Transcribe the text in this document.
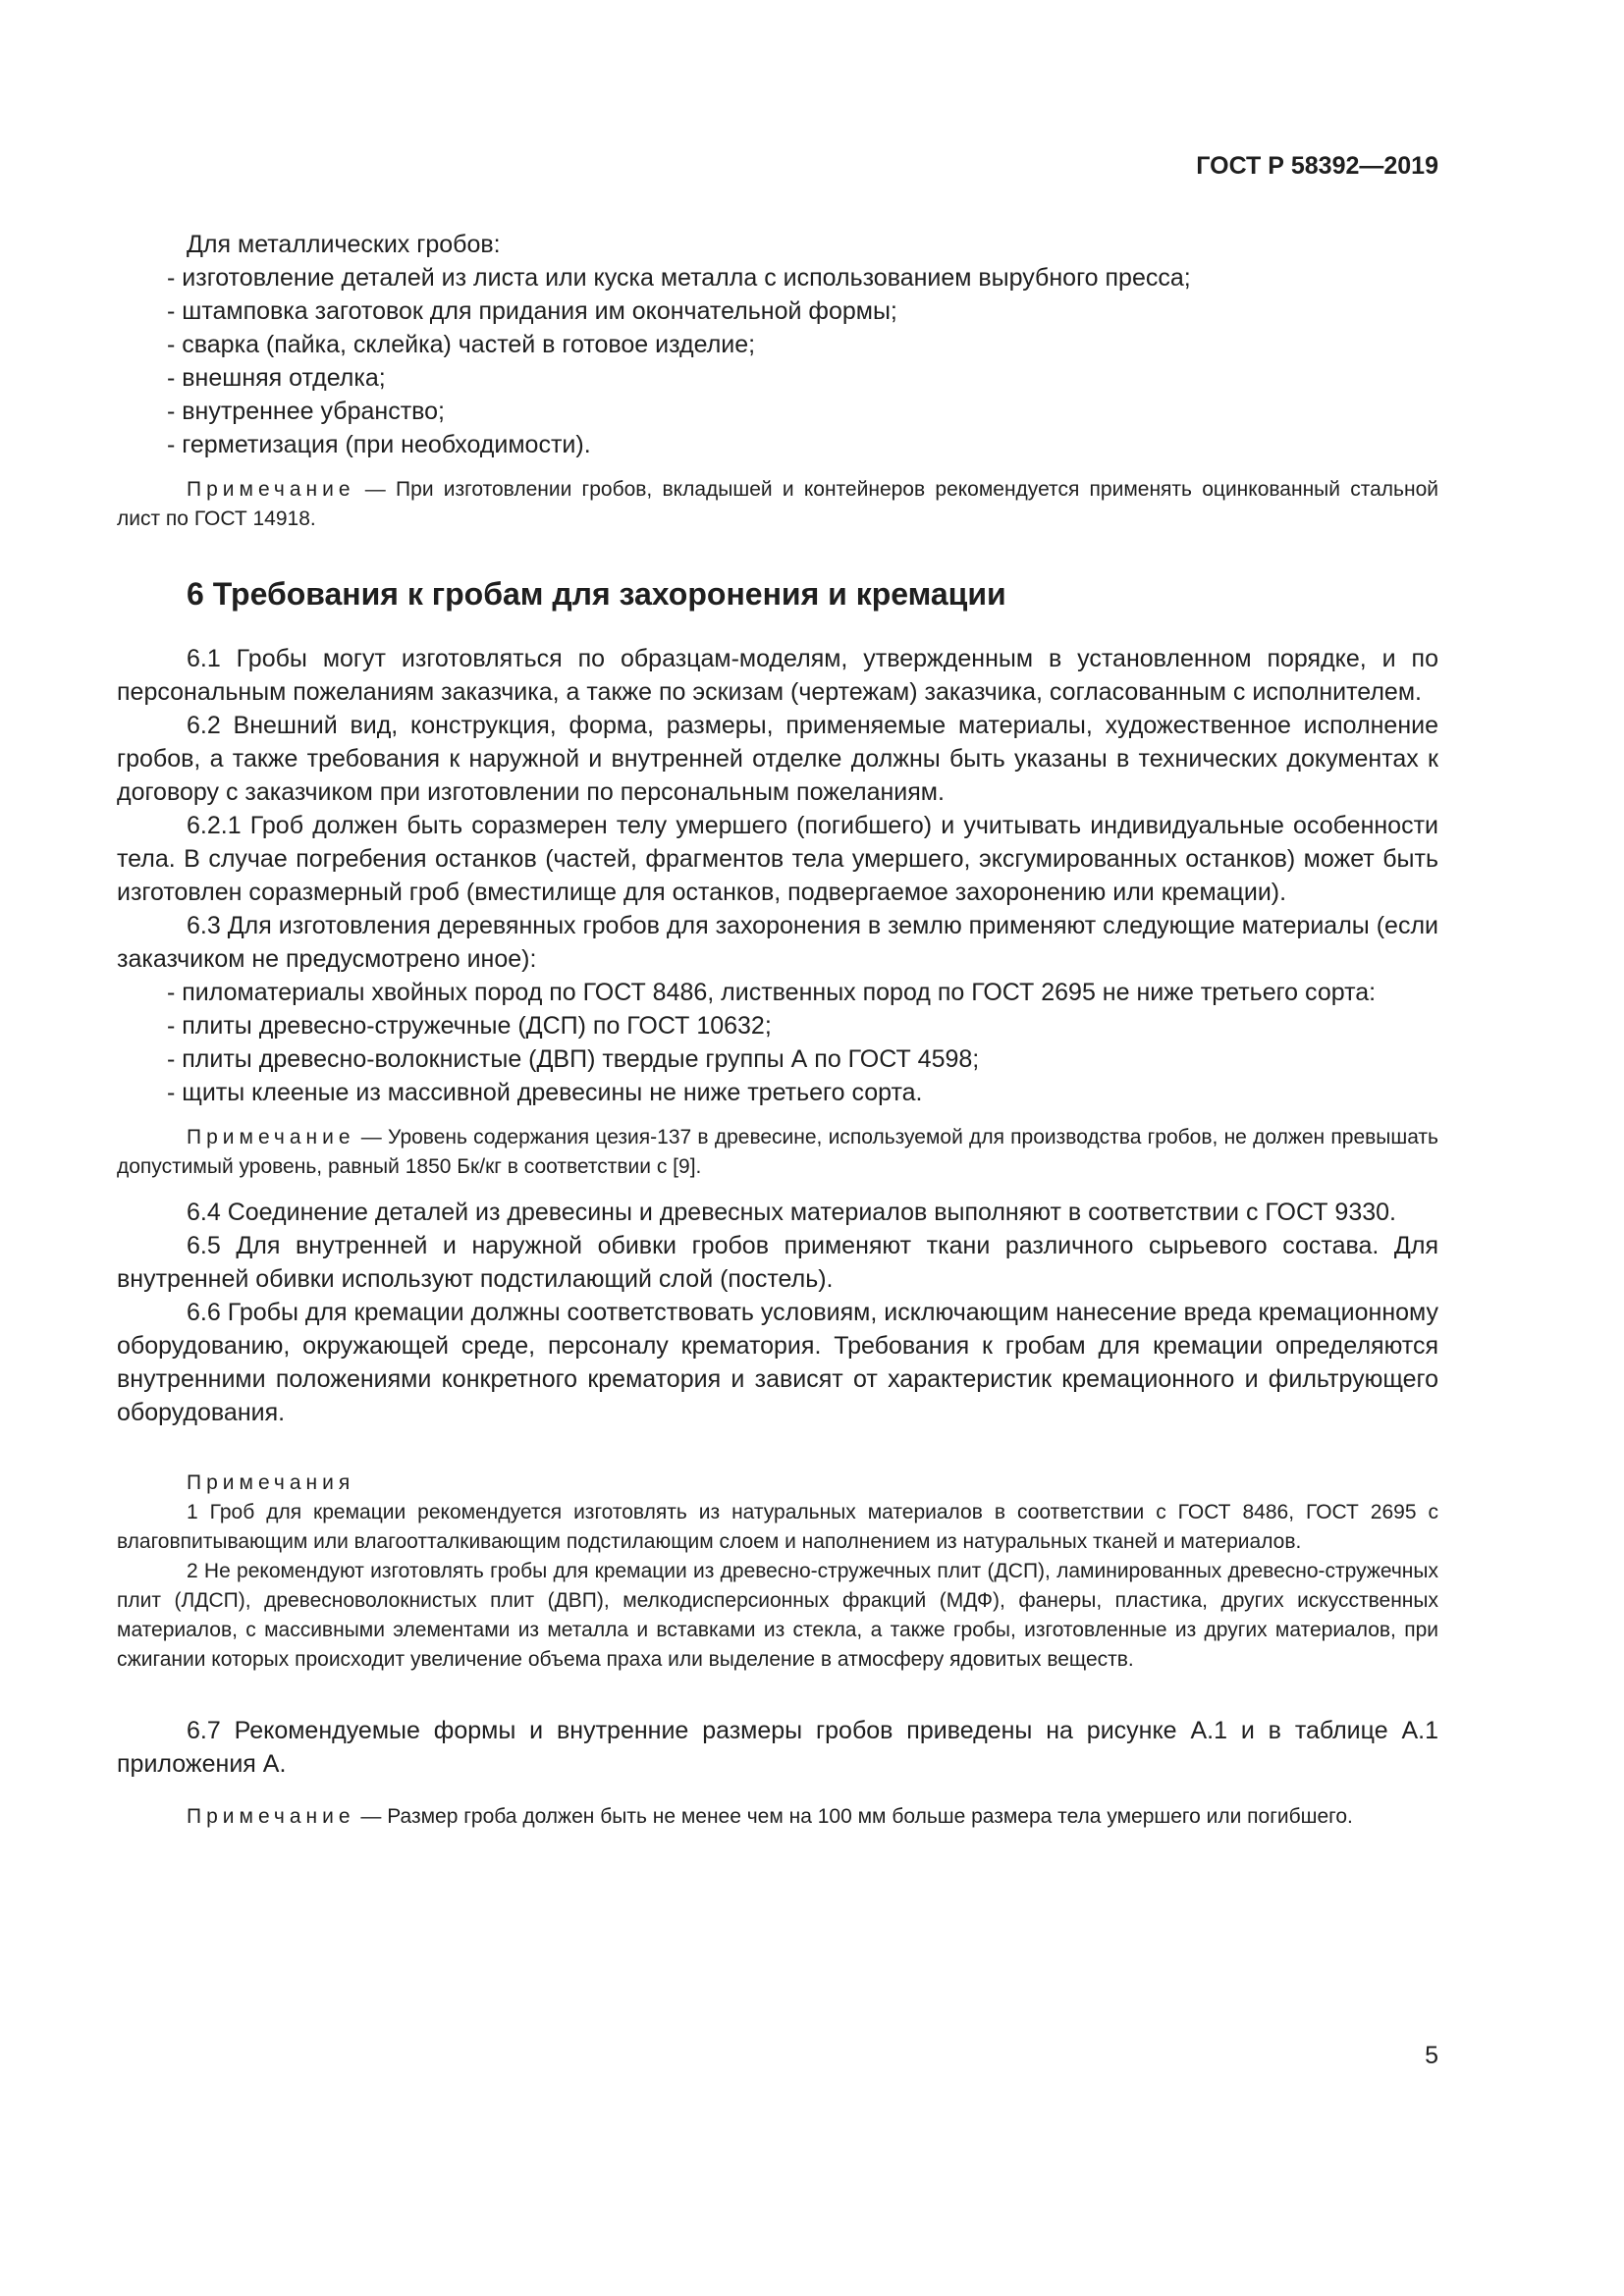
ГОСТ Р 58392—2019

Для металлических гробов:

- изготовление деталей из листа или куска металла с использованием вырубного пресса;

- штамповка заготовок для придания им окончательной формы;

- сварка (пайка, склейка) частей в готовое изделие;

- внешняя отделка;

- внутреннее убранство;

- герметизация (при необходимости).

Примечание — При изготовлении гробов, вкладышей и контейнеров рекомендуется применять оцинкованный стальной лист по ГОСТ 14918.

6 Требования к гробам для захоронения и кремации

6.1 Гробы могут изготовляться по образцам-моделям, утвержденным в установленном порядке, и по персональным пожеланиям заказчика, а также по эскизам (чертежам) заказчика, согласованным с исполнителем.

6.2 Внешний вид, конструкция, форма, размеры, применяемые материалы, художественное исполнение гробов, а также требования к наружной и внутренней отделке должны быть указаны в технических документах к договору с заказчиком при изготовлении по персональным пожеланиям.

6.2.1 Гроб должен быть соразмерен телу умершего (погибшего) и учитывать индивидуальные особенности тела. В случае погребения останков (частей, фрагментов тела умершего, эксгумированных останков) может быть изготовлен соразмерный гроб (вместилище для останков, подвергаемое захоронению или кремации).

6.3 Для изготовления деревянных гробов для захоронения в землю применяют следующие материалы (если заказчиком не предусмотрено иное):

- пиломатериалы хвойных пород по ГОСТ 8486, лиственных пород по ГОСТ 2695 не ниже третьего сорта:

- плиты древесно-стружечные (ДСП) по ГОСТ 10632;

- плиты древесно-волокнистые (ДВП) твердые группы А по ГОСТ 4598;

- щиты клееные из массивной древесины не ниже третьего сорта.

Примечание — Уровень содержания цезия-137 в древесине, используемой для производства гробов, не должен превышать допустимый уровень, равный 1850 Бк/кг в соответствии с [9].

6.4 Соединение деталей из древесины и древесных материалов выполняют в соответствии с ГОСТ 9330.

6.5 Для внутренней и наружной обивки гробов применяют ткани различного сырьевого состава. Для внутренней обивки используют подстилающий слой (постель).

6.6 Гробы для кремации должны соответствовать условиям, исключающим нанесение вреда кремационному оборудованию, окружающей среде, персоналу крематория. Требования к гробам для кремации определяются внутренними положениями конкретного крематория и зависят от характеристик кремационного и фильтрующего оборудования.

Примечания

1 Гроб для кремации рекомендуется изготовлять из натуральных материалов в соответствии с ГОСТ 8486, ГОСТ 2695 с влаговпитывающим или влагоотталкивающим подстилающим слоем и наполнением из натуральных тканей и материалов.

2 Не рекомендуют изготовлять гробы для кремации из древесно-стружечных плит (ДСП), ламинированных древесно-стружечных плит (ЛДСП), древесноволокнистых плит (ДВП), мелкодисперсионных фракций (МДФ), фанеры, пластика, других искусственных материалов, с массивными элементами из металла и вставками из стекла, а также гробы, изготовленные из других материалов, при сжигании которых происходит увеличение объема праха или выделение в атмосферу ядовитых веществ.

6.7 Рекомендуемые формы и внутренние размеры гробов приведены на рисунке А.1 и в таблице А.1 приложения А.

Примечание — Размер гроба должен быть не менее чем на 100 мм больше размера тела умершего или погибшего.

5
